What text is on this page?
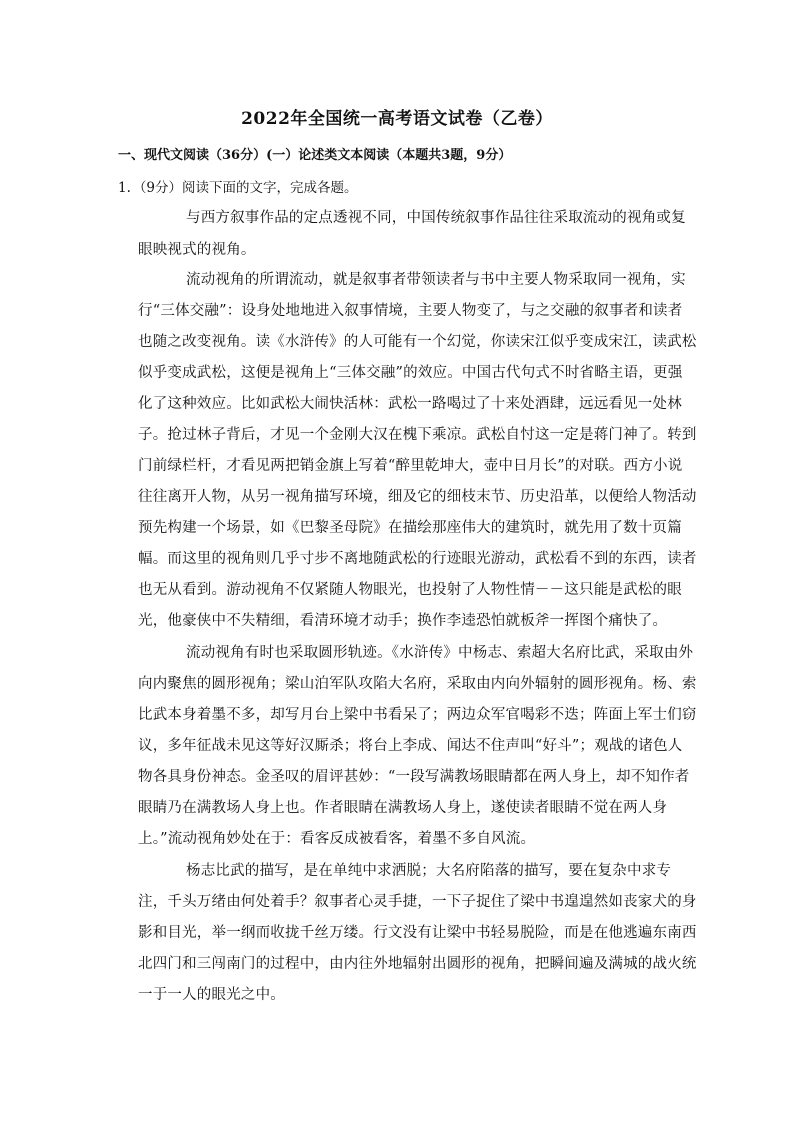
2022年全国统一高考语文试卷（乙卷）
一、现代文阅读（36分）(一）论述类文本阅读（本题共3题，9分）
1. （9分）阅读下面的文字，完成各题。
与西方叙事作品的定点透视不同，中国传统叙事作品往往采取流动的视角或复
眼映视式的视角。
流动视角的所谓流动，就是叙事者带领读者与书中主要人物采取同一视角，实
行“三体交融”：设身处地地进入叙事情境，主要人物变了，与之交融的叙事者和读者
也随之改变视角。读《水浒传》的人可能有一个幻觉，你读宋江似乎变成宋江，读武松
似乎变成武松，这便是视角上“三体交融”的效应。中国古代句式不时省略主语，更强
化了这种效应。比如武松大闹快活林：武松一路喝过了十来处酒肆，远远看见一处林
子。抢过林子背后，才见一个金刚大汉在槐下乘凉。武松自忖这一定是蒋门神了。转到
门前绿栏杆，才看见两把销金旗上写着“醉里乾坤大，壶中日月长”的对联。西方小说
往往离开人物，从另一视角描写环境，细及它的细枝末节、历史沿革，以便给人物活动
预先构建一个场景，如《巴黎圣母院》在描绘那座伟大的建筑时，就先用了数十页篇
幅。而这里的视角则几乎寸步不离地随武松的行迹眼光游动，武松看不到的东西，读者
也无从看到。游动视角不仅紧随人物眼光，也投射了人物性情－－这只能是武松的眼
光，他豪侠中不失精细，看清环境才动手；换作李逵恐怕就板斧一挥图个痛快了。
流动视角有时也采取圆形轨迹。《水浒传》中杨志、索超大名府比武，采取由外
向内聚焦的圆形视角；梁山泊军队攻陷大名府，采取由内向外辐射的圆形视角。杨、索
比武本身着墨不多，却写月台上梁中书看呆了；两边众军官喝彩不迭；阵面上军士们窃
议，多年征战未见这等好汉厮杀；将台上李成、闻达不住声叫“好斗”；观战的诸色人
物各具身份神态。金圣叹的眉评甚妙：“一段写满教场眼睛都在两人身上，却不知作者
眼睛乃在满教场人身上也。作者眼睛在满教场人身上，遂使读者眼睛不觉在两人身
上。”流动视角妙处在于：看客反成被看客，着墨不多自风流。
杨志比武的描写，是在单纯中求洒脱；大名府陷落的描写，要在复杂中求专
注，千头万绪由何处着手？叙事者心灵手捷，一下子捉住了梁中书遑遑然如丧家犬的身
影和目光，举一纲而收拢千丝万缕。行文没有让梁中书轻易脱险，而是在他逃遍东南西
北四门和三闯南门的过程中，由内往外地辐射出圆形的视角，把瞬间遍及满城的战火统
一于一人的眼光之中。
